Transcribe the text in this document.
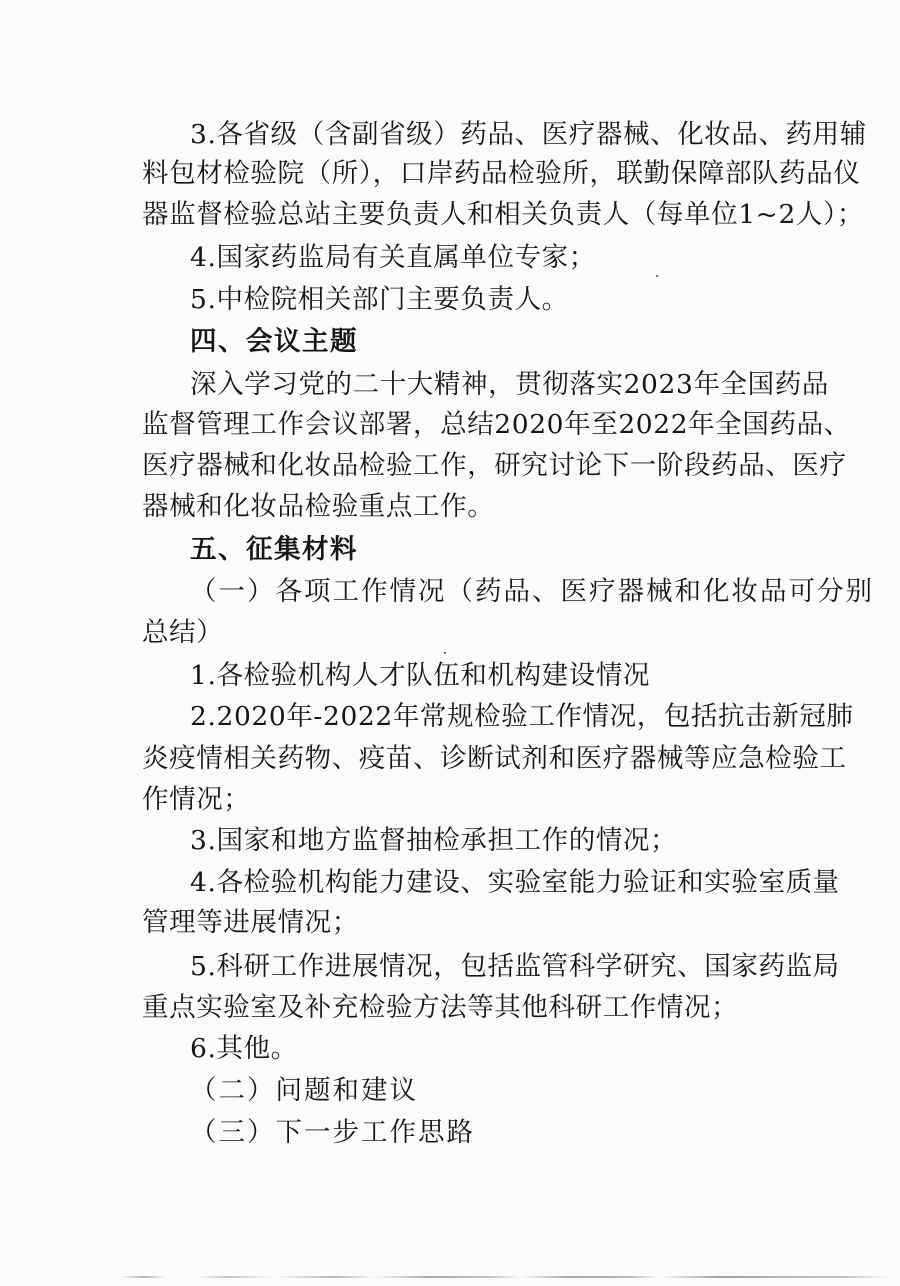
3.各省级（含副省级）药品、医疗器械、化妆品、药用辅
料包材检验院（所），口岸药品检验所，联勤保障部队药品仪
器监督检验总站主要负责人和相关负责人（每单位1~2人）；
4.国家药监局有关直属单位专家；
5.中检院相关部门主要负责人。
四、会议主题
深入学习党的二十大精神，贯彻落实2023年全国药品
监督管理工作会议部署，总结2020年至2022年全国药品、
医疗器械和化妆品检验工作，研究讨论下一阶段药品、医疗
器械和化妆品检验重点工作。
五、征集材料
（一）各项工作情况（药品、医疗器械和化妆品可分别
总结）
1.各检验机构人才队伍和机构建设情况
2.2020年-2022年常规检验工作情况，包括抗击新冠肺
炎疫情相关药物、疫苗、诊断试剂和医疗器械等应急检验工
作情况；
3.国家和地方监督抽检承担工作的情况；
4.各检验机构能力建设、实验室能力验证和实验室质量
管理等进展情况；
5.科研工作进展情况，包括监管科学研究、国家药监局
重点实验室及补充检验方法等其他科研工作情况；
6.其他。
（二）问题和建议
（三）下一步工作思路
